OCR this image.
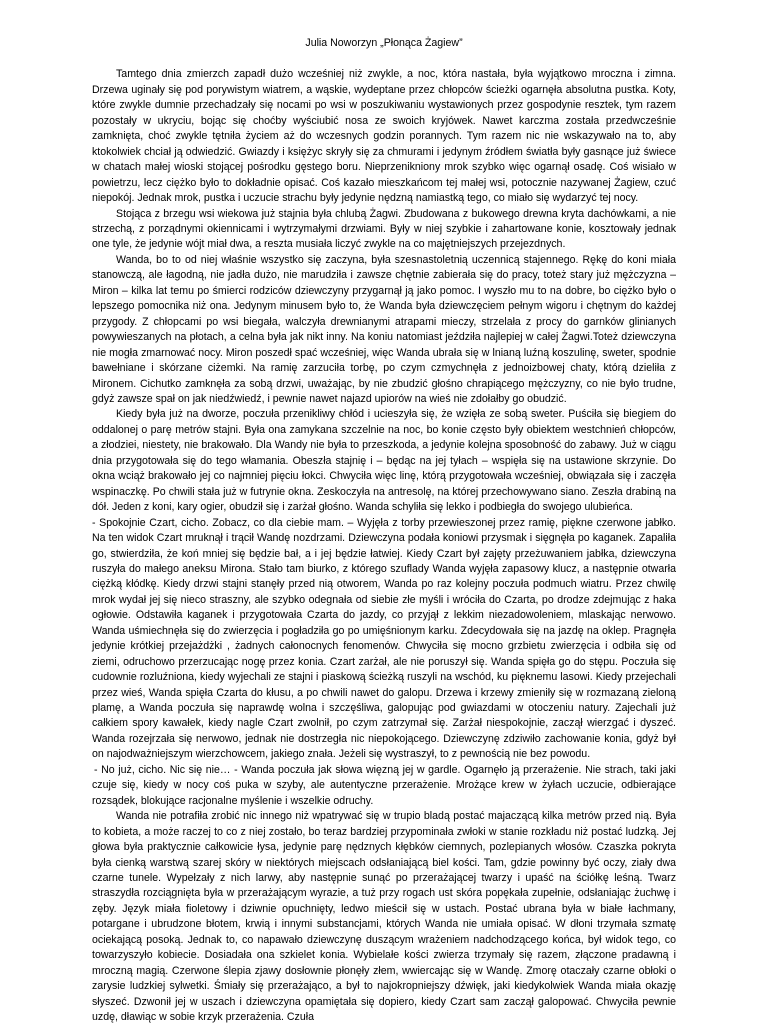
Julia Noworzyn „Płonąca Żagiew”

Tamtego dnia zmierzch zapadł dużo wcześniej niż zwykle, a noc, która nastała, była wyjątkowo mroczna i zimna. Drzewa uginały się pod porywistym wiatrem, a wąskie, wydeptane przez chłopców ścieżki ogarnęła absolutna pustka. Koty, które zwykle dumnie przechadzały się nocami po wsi w poszukiwaniu wystawionych przez gospodynie resztek, tym razem pozostały w ukryciu, bojąc się choćby wyściubić nosa ze swoich kryjówek. Nawet karczma została przedwcześnie zamknięta, choć zwykle tętniła życiem aż do wczesnych godzin porannych. Tym razem nic nie wskazywało na to, aby ktokolwiek chciał ją odwiedzić. Gwiazdy i księżyc skryły się za chmurami i jedynym źródłem światła były gasnące już świece w chatach małej wioski stojącej pośrodku gęstego boru. Nieprzenikniony mrok szybko więc ogarnął osadę. Coś wisiało w powietrzu, lecz ciężko było to dokładnie opisać. Coś kazało mieszkańcom tej małej wsi, potocznie nazywanej Żagiew, czuć niepokój. Jednak mrok, pustka i uczucie strachu były jedynie nędzną namiastką tego, co miało się wydarzyć tej nocy.

Stojąca z brzegu wsi wiekowa już stajnia była chlubą Żagwi. Zbudowana z bukowego drewna kryta dachówkami, a nie strzechą, z porządnymi okiennicami i wytrzymałymi drzwiami. Były w niej szybkie i zahartowane konie, kosztowały jednak one tyle, że jedynie wójt miał dwa, a reszta musiała liczyć zwykle na co majętniejszych przejezdnych.

Wanda, bo to od niej właśnie wszystko się zaczyna, była szesnastoletnią uczennicą stajennego. Rękę do koni miała stanowczą, ale łagodną, nie jadła dużo, nie marudziła i zawsze chętnie zabierała się do pracy, toteż stary już mężczyzna – Miron – kilka lat temu po śmierci rodziców dziewczyny przygarnął ją jako pomoc. I wyszło mu to na dobre, bo ciężko było o lepszego pomocnika niż ona. Jedynym minusem było to, że Wanda była dziewczęciem pełnym wigoru i chętnym do każdej przygody. Z chłopcami po wsi biegała, walczyła drewnianymi atrapami mieczy, strzelała z procy do garnków glinianych powywieszanych na płotach, a celna była jak nikt inny. Na koniu natomiast jeździła najlepiej w całej Żagwi.Toteż dziewczyna nie mogła zmarnować nocy. Miron poszedł spać wcześniej, więc Wanda ubrała się w lnianą luźną koszulinę, sweter, spodnie bawełniane i skórzane ciżemki. Na ramię zarzuciła torbę, po czym czmychnęła z jednoizbowej chaty, którą dzieliła z Mironem. Cichutko zamknęła za sobą drzwi, uważając, by nie zbudzić głośno chrapiącego mężczyzny, co nie było trudne, gdyż zawsze spał on jak niedźwiedź, i pewnie nawet najazd upiorów na wieś nie zdołałby go obudzić.

Kiedy była już na dworze, poczuła przenikliwy chłód i ucieszyła się, że wzięła ze sobą sweter. Puściła się biegiem do oddalonej o parę metrów stajni. Była ona zamykana szczelnie na noc, bo konie często były obiektem westchnień chłopców, a złodziei, niestety, nie brakowało. Dla Wandy nie była to przeszkoda, a jedynie kolejna sposobność do zabawy. Już w ciągu dnia przygotowała się do tego włamania. Obeszła stajnię i – będąc na jej tyłach – wspięła się na ustawione skrzynie. Do okna wciąż brakowało jej co najmniej pięciu łokci. Chwyciła więc linę, którą przygotowała wcześniej, obwiązała się i zaczęła wspinaczkę. Po chwili stała już w futrynie okna. Zeskoczyła na antresolę, na której przechowywano siano. Zeszła drabiną na dół. Jeden z koni, kary ogier, obudził się i zarżał głośno. Wanda schyliła się lekko i podbiegła do swojego ulubieńca.

- Spokojnie Czart, cicho. Zobacz, co dla ciebie mam. – Wyjęła z torby przewieszonej przez ramię, piękne czerwone jabłko. Na ten widok Czart mruknął i trącił Wandę nozdrzami. Dziewczyna podała koniowi przysmak i sięgnęła po kaganek. Zapaliła go, stwierdziła, że koń mniej się będzie bał, a i jej będzie łatwiej. Kiedy Czart był zajęty przeżuwaniem jabłka, dziewczyna ruszyła do małego aneksu Mirona. Stało tam biurko, z którego szuflady Wanda wyjęła zapasowy klucz, a następnie otwarła ciężką kłódkę. Kiedy drzwi stajni stanęły przed nią otworem, Wanda po raz kolejny poczuła podmuch wiatru. Przez chwilę mrok wydał jej się nieco straszny, ale szybko odegnała od siebie złe myśli i wróciła do Czarta, po drodze zdejmując z haka ogłowie. Odstawiła kaganek i przygotowała Czarta do jazdy, co przyjął z lekkim niezadowoleniem, mlaskając nerwowo. Wanda uśmiechnęła się do zwierzęcia i pogładziła go po umięśnionym karku. Zdecydowała się na jazdę na oklep. Pragnęła jedynie krótkiej przejażdżki , żadnych całonocnych fenomenów. Chwyciła się mocno grzbietu zwierzęcia i odbiła się od ziemi, odruchowo przerzucając nogę przez konia. Czart zarżał, ale nie poruszył się. Wanda spięła go do stępu. Poczuła się cudownie rozluźniona, kiedy wyjechali ze stajni i piaskową ścieżką ruszyli na wschód, ku pięknemu lasowi. Kiedy przejechali przez wieś, Wanda spięła Czarta do kłusu, a po chwili nawet do galopu. Drzewa i krzewy zmieniły się w rozmazaną zieloną plamę, a Wanda poczuła się naprawdę wolna i szczęśliwa, galopując pod gwiazdami w otoczeniu natury. Zajechali już całkiem spory kawałek, kiedy nagle Czart zwolnił, po czym zatrzymał się. Zarżał niespokojnie, zaczął wierzgać i dyszeć. Wanda rozejrzała się nerwowo, jednak nie dostrzegła nic niepokojącego. Dziewczynę zdziwiło zachowanie konia, gdyż był on najodważniejszym wierzchowcem, jakiego znała. Jeżeli się wystraszył, to z pewnością nie bez powodu.

- No już, cicho. Nic się nie… - Wanda poczuła jak słowa więzną jej w gardle. Ogarnęło ją przerażenie. Nie strach, taki jaki czuje się, kiedy w nocy coś puka w szyby, ale autentyczne przerażenie. Mrożące krew w żyłach uczucie, odbierające rozsądek, blokujące racjonalne myślenie i wszelkie odruchy.

Wanda nie potrafiła zrobić nic innego niż wpatrywać się w trupio bladą postać majaczącą kilka metrów przed nią. Była to kobieta, a może raczej to co z niej zostało, bo teraz bardziej przypominała zwłoki w stanie rozkładu niż postać ludzką. Jej głowa była praktycznie całkowicie łysa, jedynie parę nędznych kłębków ciemnych, pozlepianych włosów. Czaszka pokryta była cienką warstwą szarej skóry w niektórych miejscach odsłaniającą biel kości. Tam, gdzie powinny być oczy, ziały dwa czarne tunele. Wypełzały z nich larwy, aby następnie sunąć po przerażającej twarzy i upaść na ściółkę leśną. Twarz straszydła rozciągnięta była w przerażającym wyrazie, a tuż przy rogach ust skóra popękała zupełnie, odsłaniając żuchwę i zęby. Język miała fioletowy i dziwnie opuchnięty, ledwo mieścił się w ustach. Postać ubrana była w białe łachmany, potargane i ubrudzone błotem, krwią i innymi substancjami, których Wanda nie umiała opisać. W dłoni trzymała szmatę ociekającą posoką. Jednak to, co napawało dziewczynę duszącym wrażeniem nadchodzącego końca, był widok tego, co towarzyszyło kobiecie. Dosiadała ona szkielet konia. Wybielałe kości zwierza trzymały się razem, złączone pradawną i mroczną magią. Czerwone ślepia zjawy dosłownie płonęły złem, wwiercając się w Wandę. Zmorę otaczały czarne obłoki o zarysie ludzkiej sylwetki. Śmiały się przerażająco, a był to najokropniejszy dźwięk, jaki kiedykolwiek Wanda miała okazję słyszeć. Dzwonił jej w uszach i dziewczyna opamiętała się dopiero, kiedy Czart sam zaczął galopować. Chwyciła pewnie uzdę, dławiąc w sobie krzyk przerażenia. Czuła
